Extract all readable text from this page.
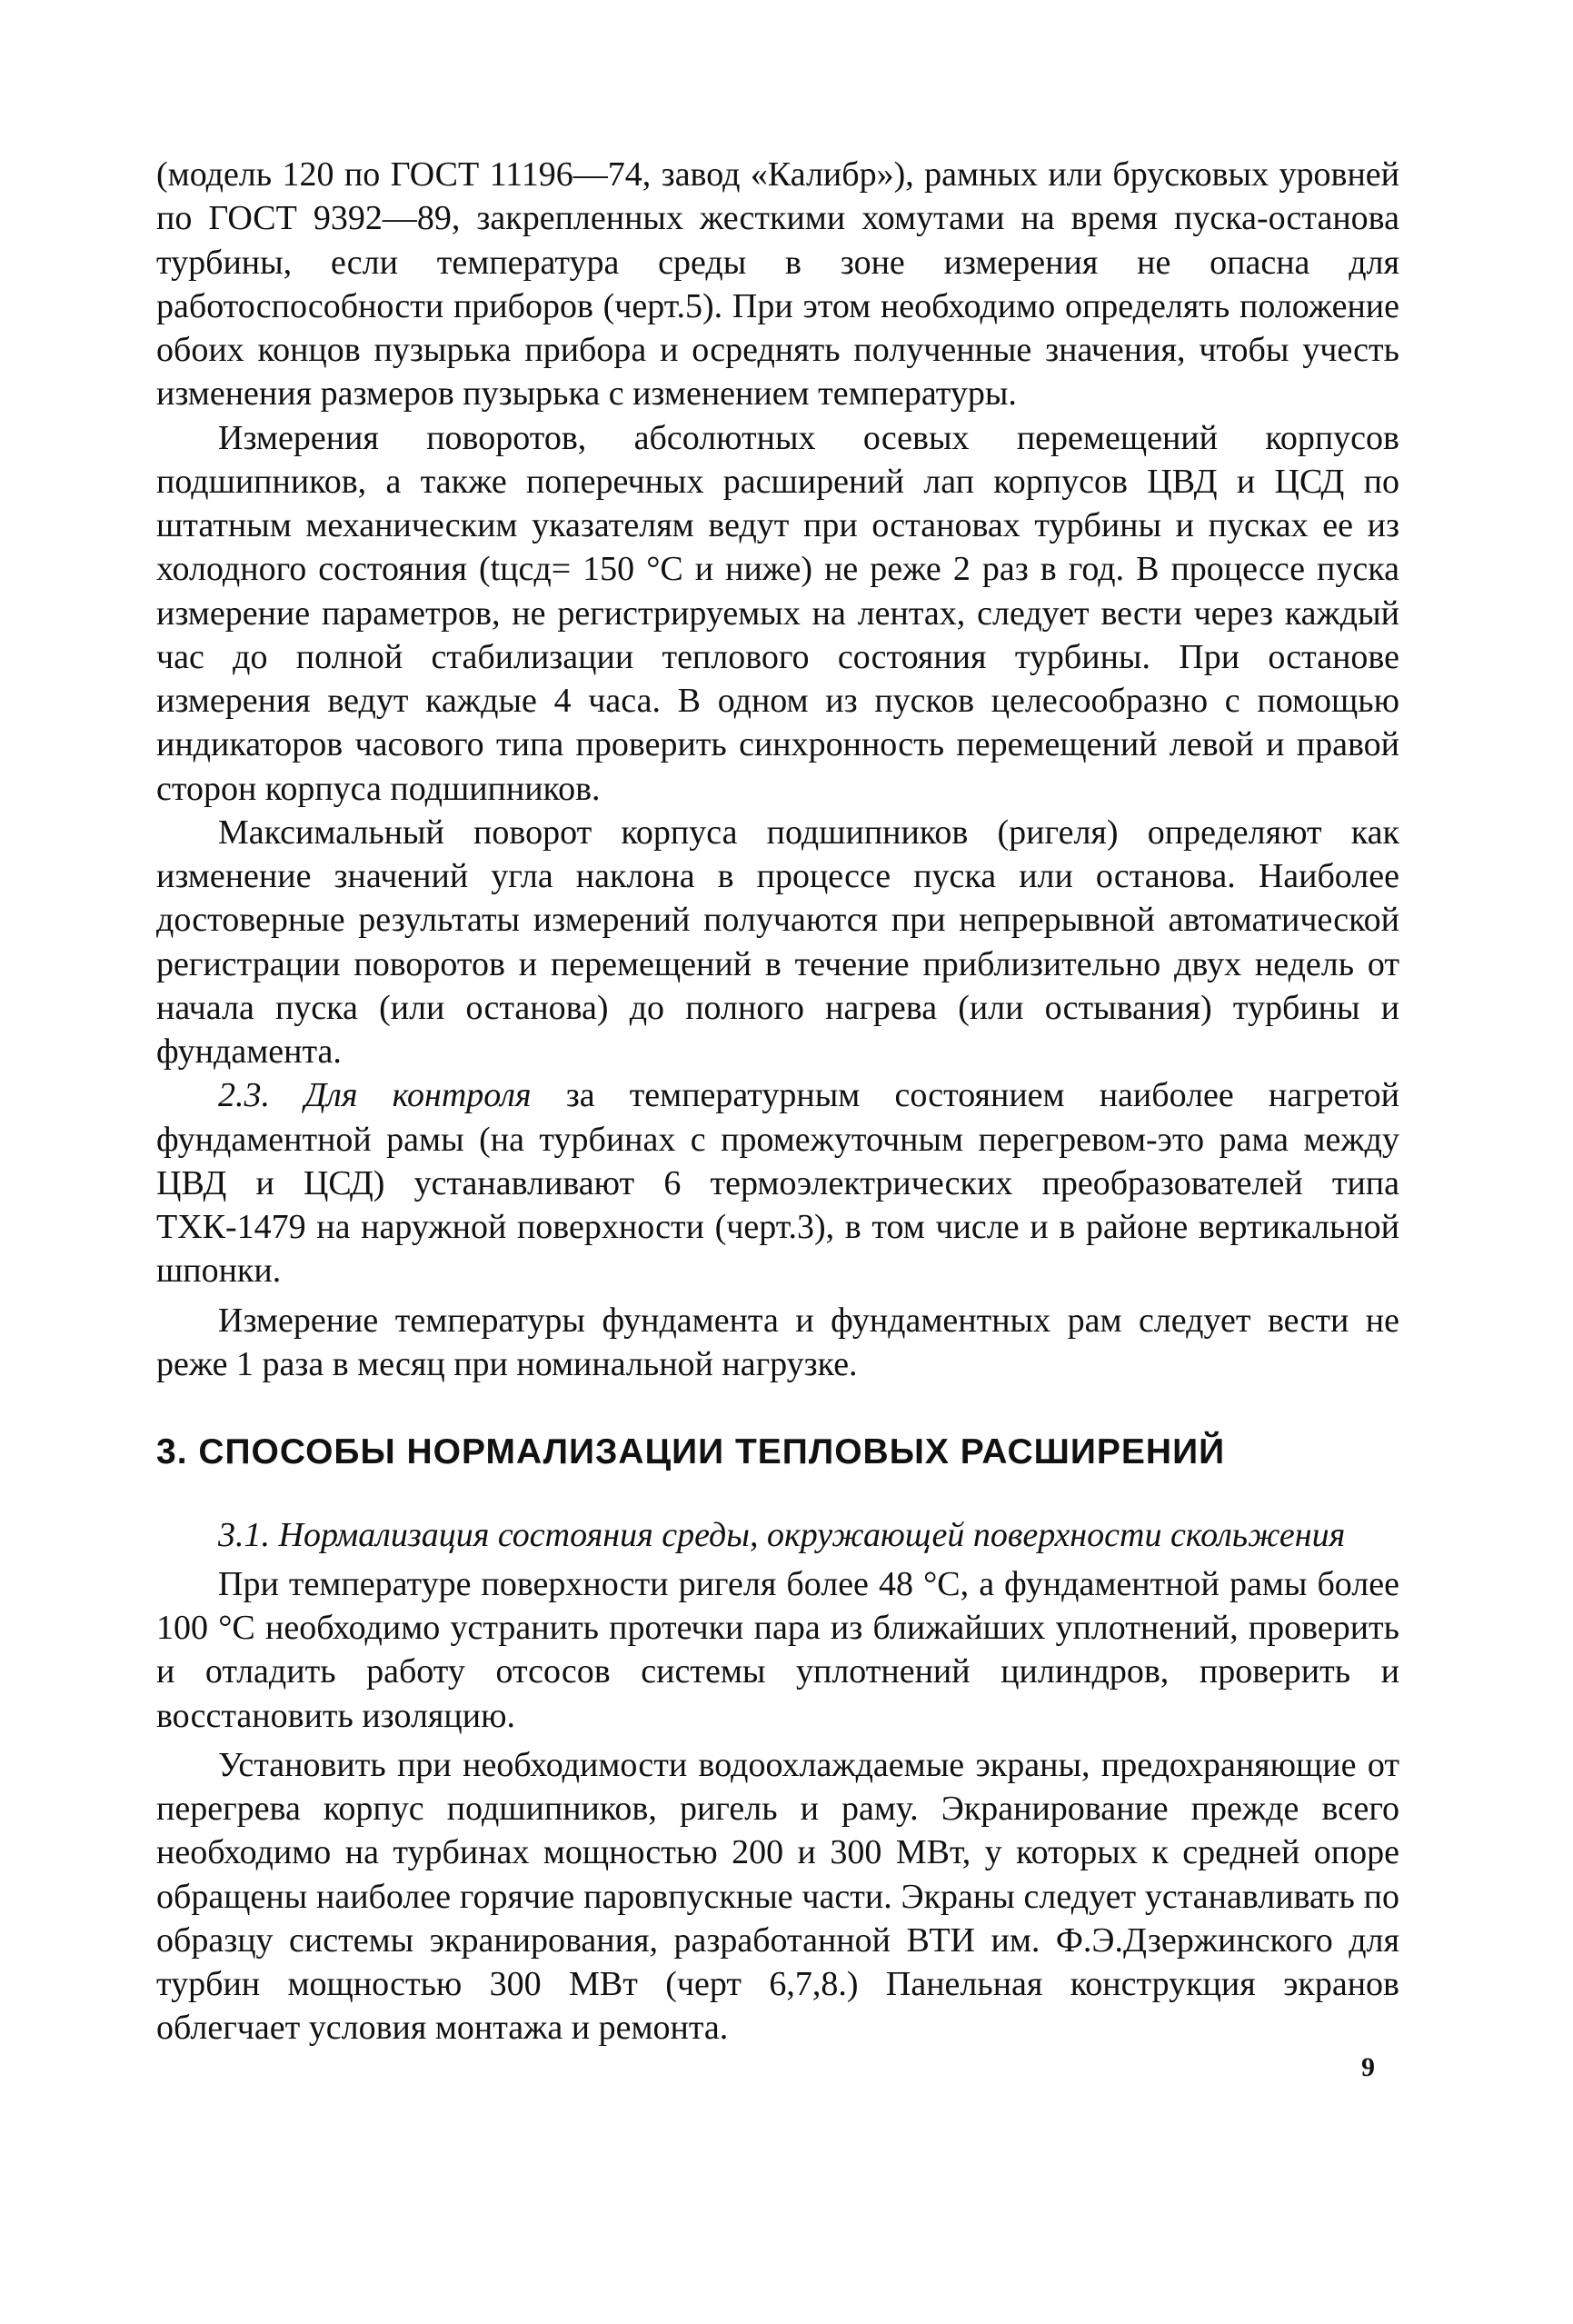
(модель 120 по ГОСТ 11196—74, завод «Калибр»), рамных или брусковых уровней по ГОСТ 9392—89, закрепленных жесткими хомутами на время пуска-останова турбины, если температура среды в зоне измерения не опасна для работоспособности приборов (черт.5). При этом необходимо определять положение обоих концов пузырька прибора и осреднять полученные значения, чтобы учесть изменения размеров пузырька с изменением температуры.

Измерения поворотов, абсолютных осевых перемещений корпусов подшипников, а также поперечных расширений лап корпусов ЦВД и ЦСД по штатным механическим указателям ведут при остановах турбины и пусках ее из холодного состояния (tцсд= 150 °С и ниже) не реже 2 раз в год. В процессе пуска измерение параметров, не регистрируемых на лентах, следует вести через каждый час до полной стабилизации теплового состояния турбины. При останове измерения ведут каждые 4 часа. В одном из пусков целесообразно с помощью индикаторов часового типа проверить синхронность перемещений левой и правой сторон корпуса подшипников.

Максимальный поворот корпуса подшипников (ригеля) определяют как изменение значений угла наклона в процессе пуска или останова. Наиболее достоверные результаты измерений получаются при непрерывной автоматической регистрации поворотов и перемещений в течение приблизительно двух недель от начала пуска (или останова) до полного нагрева (или остывания) турбины и фундамента.

2.3. Для контроля за температурным состоянием наиболее нагретой фундаментной рамы (на турбинах с промежуточным перегревом-это рама между ЦВД и ЦСД) устанавливают 6 термоэлектрических преобразователей типа ТХК-1479 на наружной поверхности (черт.3), в том числе и в районе вертикальной шпонки.

Измерение температуры фундамента и фундаментных рам следует вести не реже 1 раза в месяц при номинальной нагрузке.

3. СПОСОБЫ НОРМАЛИЗАЦИИ ТЕПЛОВЫХ РАСШИРЕНИЙ

3.1. Нормализация состояния среды, окружающей поверхности скольжения

При температуре поверхности ригеля более 48 °С, а фундаментной рамы более 100 °С необходимо устранить протечки пара из ближайших уплотнений, проверить и отладить работу отсосов системы уплотнений цилиндров, проверить и восстановить изоляцию.

Установить при необходимости водоохлаждаемые экраны, предохраняющие от перегрева корпус подшипников, ригель и раму. Экранирование прежде всего необходимо на турбинах мощностью 200 и 300 МВт, у которых к средней опоре обращены наиболее горячие паровпускные части. Экраны следует устанавливать по образцу системы экранирования, разработанной ВТИ им. Ф.Э.Дзержинского для турбин мощностью 300 МВт (черт 6,7,8.) Панельная конструкция экранов облегчает условия монтажа и ремонта.

9
